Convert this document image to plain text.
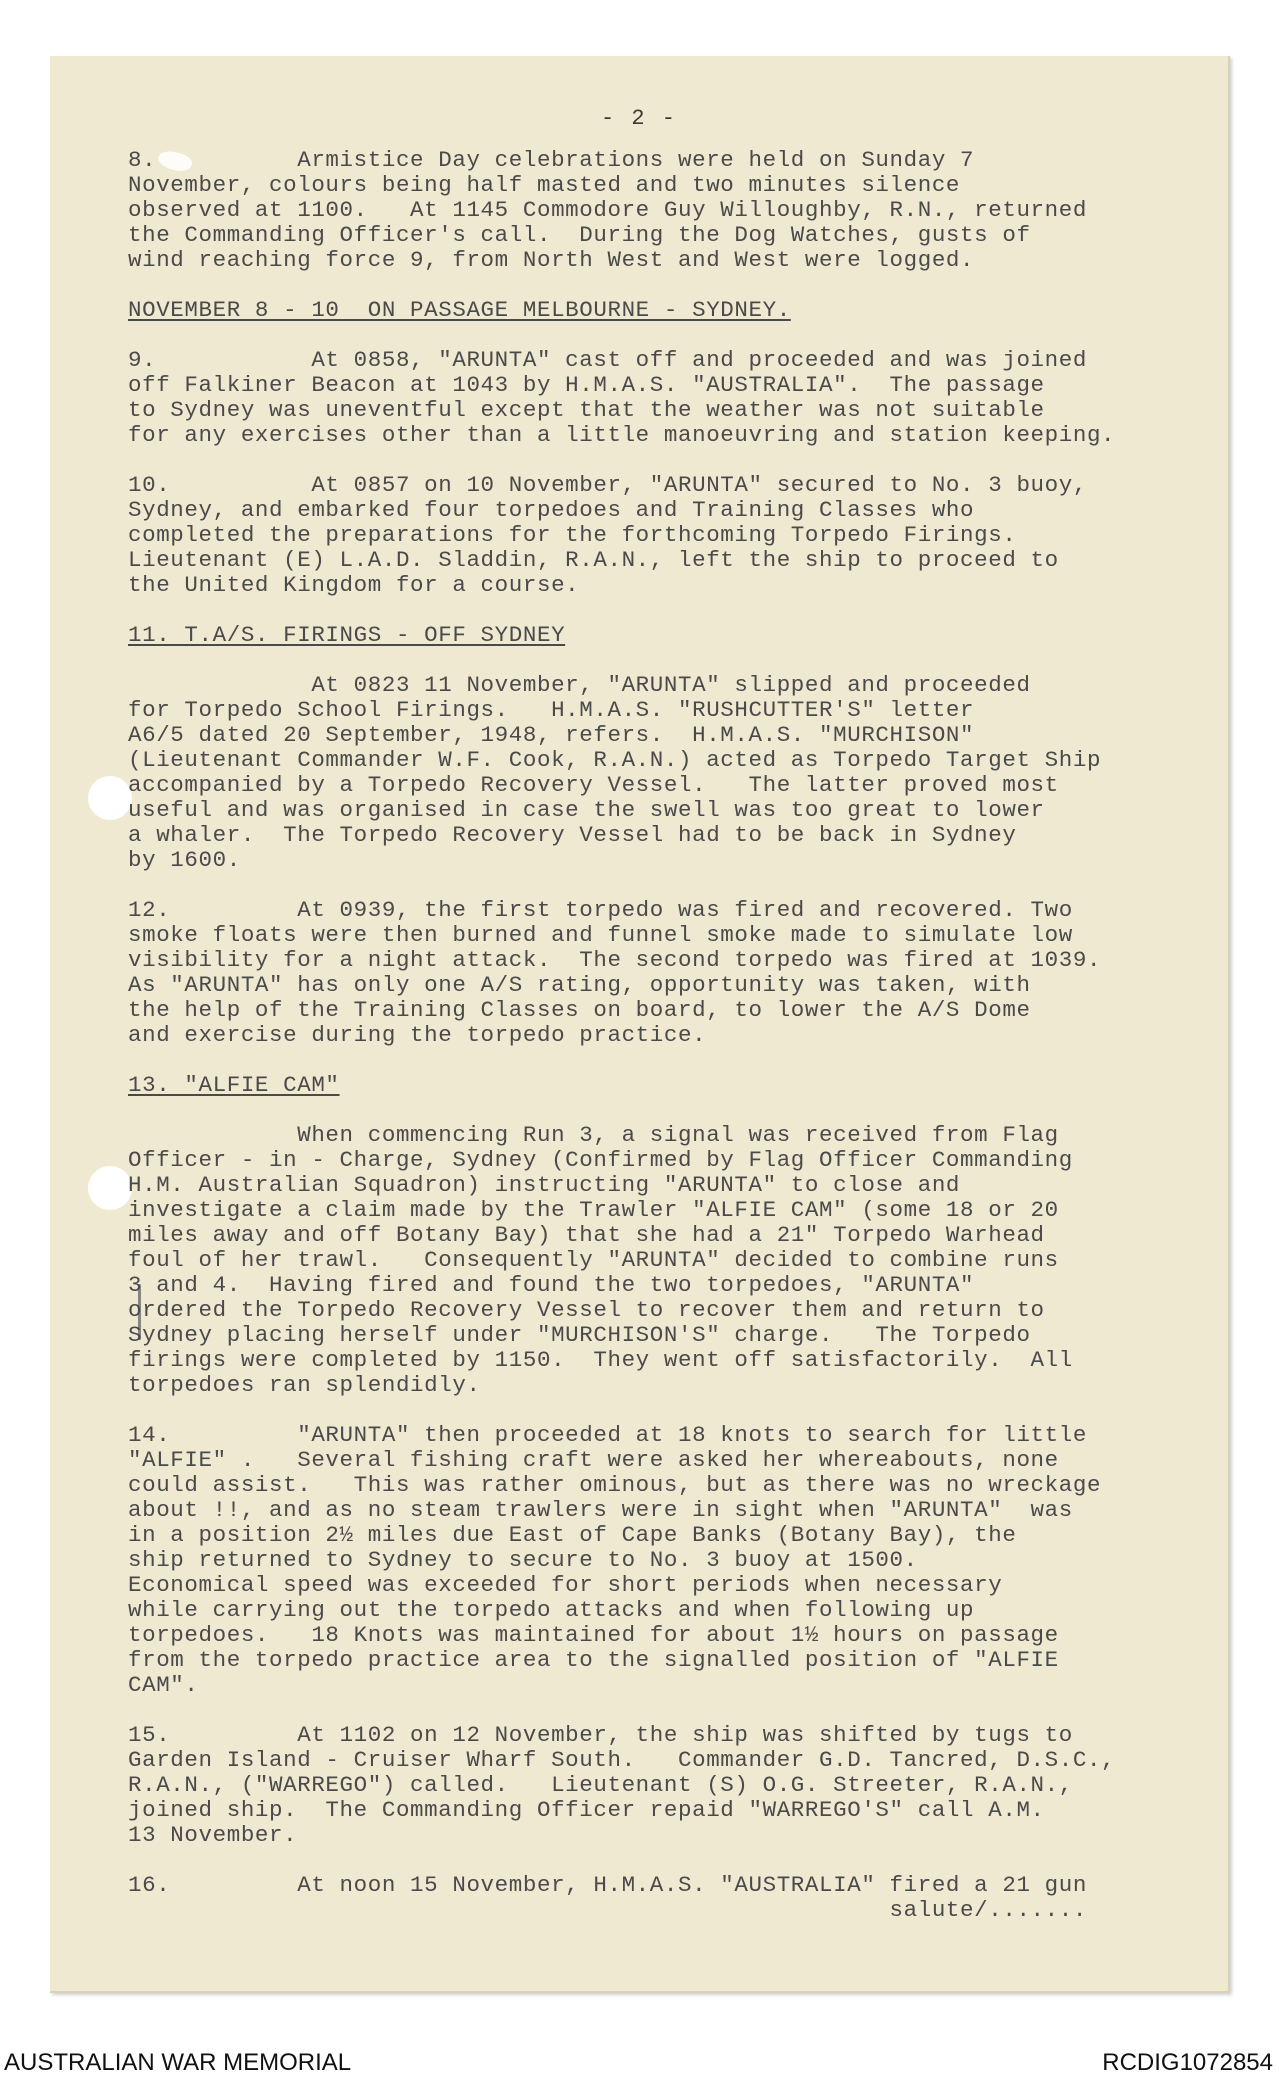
- 2 -
8.          Armistice Day celebrations were held on Sunday 7
November, colours being half masted and two minutes silence
observed at 1100.   At 1145 Commodore Guy Willoughby, R.N., returned
the Commanding Officer's call.  During the Dog Watches, gusts of
wind reaching force 9, from North West and West were logged.
NOVEMBER 8 - 10  ON PASSAGE MELBOURNE - SYDNEY.
9.           At 0858, "ARUNTA" cast off and proceeded and was joined
off Falkiner Beacon at 1043 by H.M.A.S. "AUSTRALIA".  The passage
to Sydney was uneventful except that the weather was not suitable
for any exercises other than a little manoeuvring and station keeping.
10.          At 0857 on 10 November, "ARUNTA" secured to No. 3 buoy,
Sydney, and embarked four torpedoes and Training Classes who
completed the preparations for the forthcoming Torpedo Firings.
Lieutenant (E) L.A.D. Sladdin, R.A.N., left the ship to proceed to
the United Kingdom for a course.
11. T.A/S. FIRINGS - OFF SYDNEY
At 0823 11 November, "ARUNTA" slipped and proceeded
for Torpedo School Firings.   H.M.A.S. "RUSHCUTTER'S" letter
A6/5 dated 20 September, 1948, refers.  H.M.A.S. "MURCHISON"
(Lieutenant Commander W.F. Cook, R.A.N.) acted as Torpedo Target Ship
accompanied by a Torpedo Recovery Vessel.   The latter proved most
useful and was organised in case the swell was too great to lower
a whaler.  The Torpedo Recovery Vessel had to be back in Sydney
by 1600.
12.         At 0939, the first torpedo was fired and recovered. Two
smoke floats were then burned and funnel smoke made to simulate low
visibility for a night attack.  The second torpedo was fired at 1039.
As "ARUNTA" has only one A/S rating, opportunity was taken, with
the help of the Training Classes on board, to lower the A/S Dome
and exercise during the torpedo practice.
13. "ALFIE CAM"
When commencing Run 3, a signal was received from Flag
Officer - in - Charge, Sydney (Confirmed by Flag Officer Commanding
H.M. Australian Squadron) instructing "ARUNTA" to close and
investigate a claim made by the Trawler "ALFIE CAM" (some 18 or 20
miles away and off Botany Bay) that she had a 21" Torpedo Warhead
foul of her trawl.   Consequently "ARUNTA" decided to combine runs
3 and 4.  Having fired and found the two torpedoes, "ARUNTA"
ordered the Torpedo Recovery Vessel to recover them and return to
Sydney placing herself under "MURCHISON'S" charge.   The Torpedo
firings were completed by 1150.  They went off satisfactorily.  All
torpedoes ran splendidly.
14.         "ARUNTA" then proceeded at 18 knots to search for little
"ALFIE" .   Several fishing craft were asked her whereabouts, none
could assist.   This was rather ominous, but as there was no wreckage
about !!, and as no steam trawlers were in sight when "ARUNTA"  was
in a position 2½ miles due East of Cape Banks (Botany Bay), the
ship returned to Sydney to secure to No. 3 buoy at 1500.
Economical speed was exceeded for short periods when necessary
while carrying out the torpedo attacks and when following up
torpedoes.   18 Knots was maintained for about 1½ hours on passage
from the torpedo practice area to the signalled position of "ALFIE
CAM".
15.         At 1102 on 12 November, the ship was shifted by tugs to
Garden Island - Cruiser Wharf South.   Commander G.D. Tancred, D.S.C.,
R.A.N., ("WARREGO") called.   Lieutenant (S) O.G. Streeter, R.A.N.,
joined ship.  The Commanding Officer repaid "WARREGO'S" call A.M.
13 November.
16.         At noon 15 November, H.M.A.S. "AUSTRALIA" fired a 21 gun
salute/.......
AUSTRALIAN WAR MEMORIAL	RCDIG1072854
